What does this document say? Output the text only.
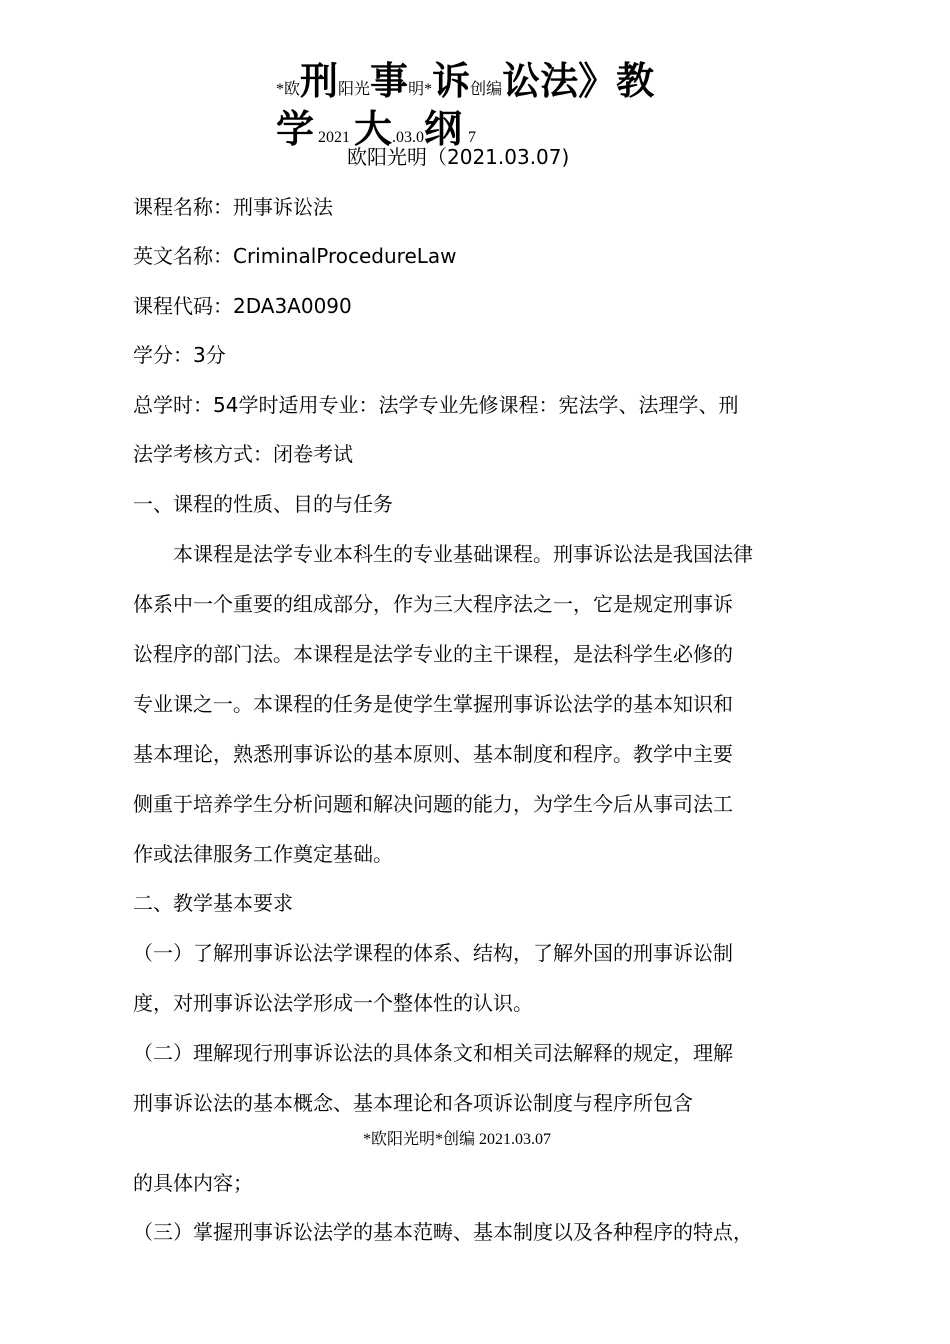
*欧刑阳光事明*诉创编讼法》教
学 2021 大.03.0纲 7
欧阳光明（2021.03.07)
课程名称：刑事诉讼法
英文名称：CriminalProcedureLaw
课程代码：2DA3A0090
学分：3分
总学时：54学时适用专业：法学专业先修课程：宪法学、法理学、刑
法学考核方式：闭卷考试
一、课程的性质、目的与任务
　　本课程是法学专业本科生的专业基础课程。刑事诉讼法是我国法律
体系中一个重要的组成部分，作为三大程序法之一，它是规定刑事诉
讼程序的部门法。本课程是法学专业的主干课程，是法科学生必修的
专业课之一。本课程的任务是使学生掌握刑事诉讼法学的基本知识和
基本理论，熟悉刑事诉讼的基本原则、基本制度和程序。教学中主要
侧重于培养学生分析问题和解决问题的能力，为学生今后从事司法工
作或法律服务工作奠定基础。
二、教学基本要求
（一）了解刑事诉讼法学课程的体系、结构，了解外国的刑事诉讼制
度，对刑事诉讼法学形成一个整体性的认识。
（二）理解现行刑事诉讼法的具体条文和相关司法解释的规定，理解
刑事诉讼法的基本概念、基本理论和各项诉讼制度与程序所包含
*欧阳光明*创编 2021.03.07
的具体内容；
（三）掌握刑事诉讼法学的基本范畴、基本制度以及各种程序的特点，
